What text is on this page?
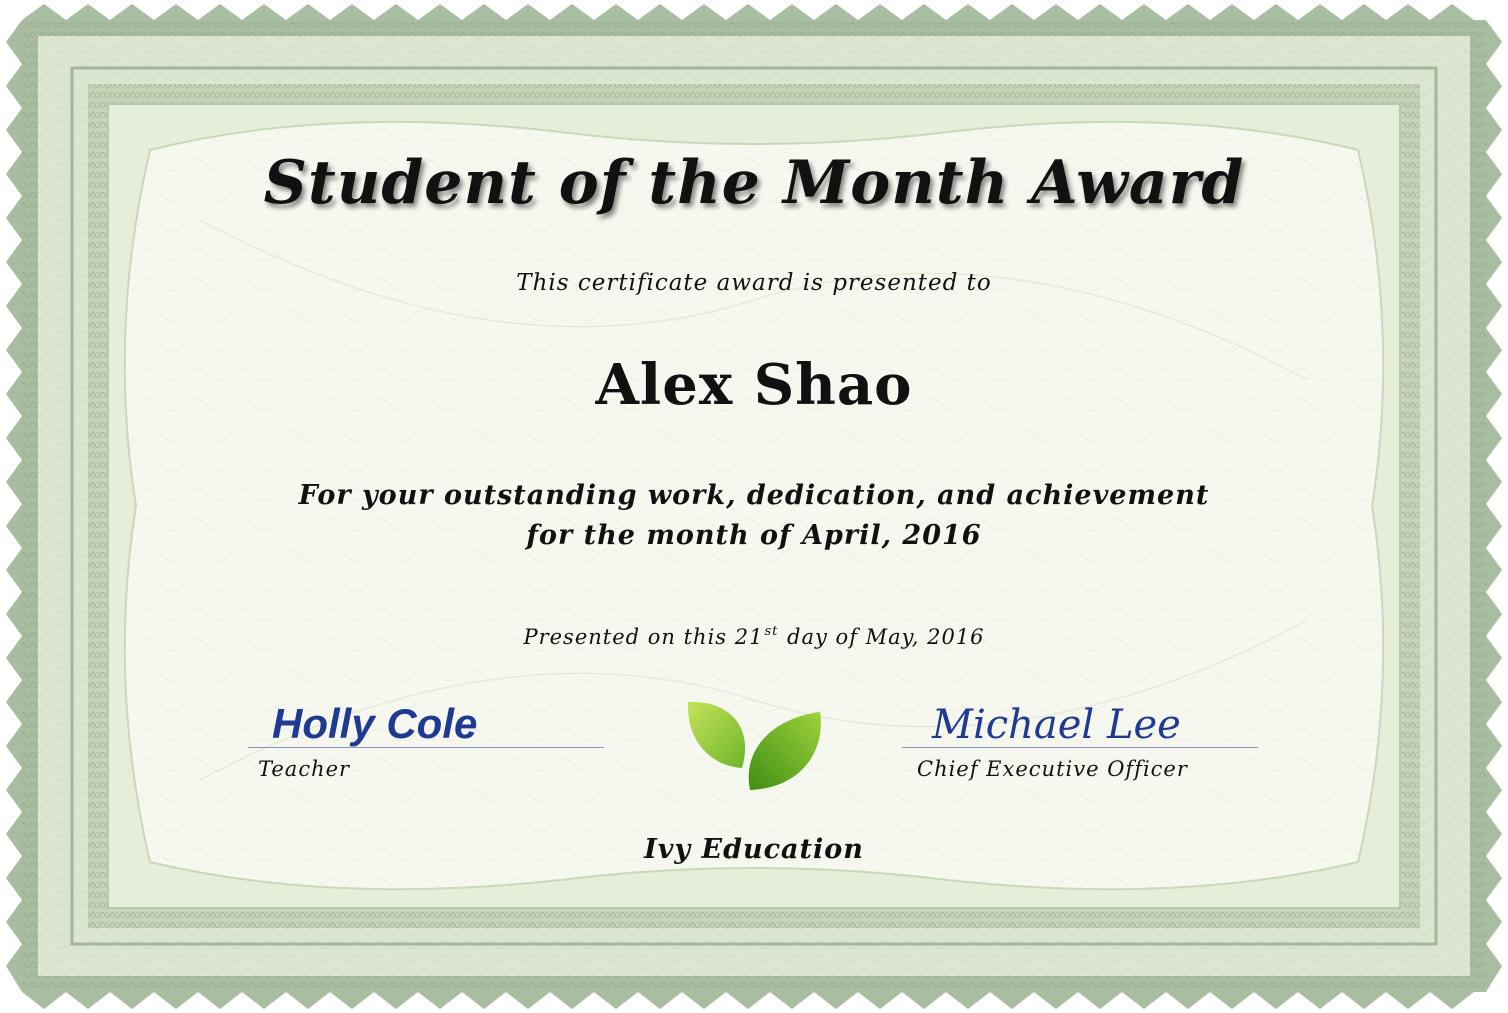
Student of the Month Award
This certificate award is presented to
Alex Shao
For your outstanding work, dedication, and achievement
for the month of April, 2016
Presented on this 21st day of May, 2016
Holly Cole
Teacher
Michael Lee
Chief Executive Officer
Ivy Education
